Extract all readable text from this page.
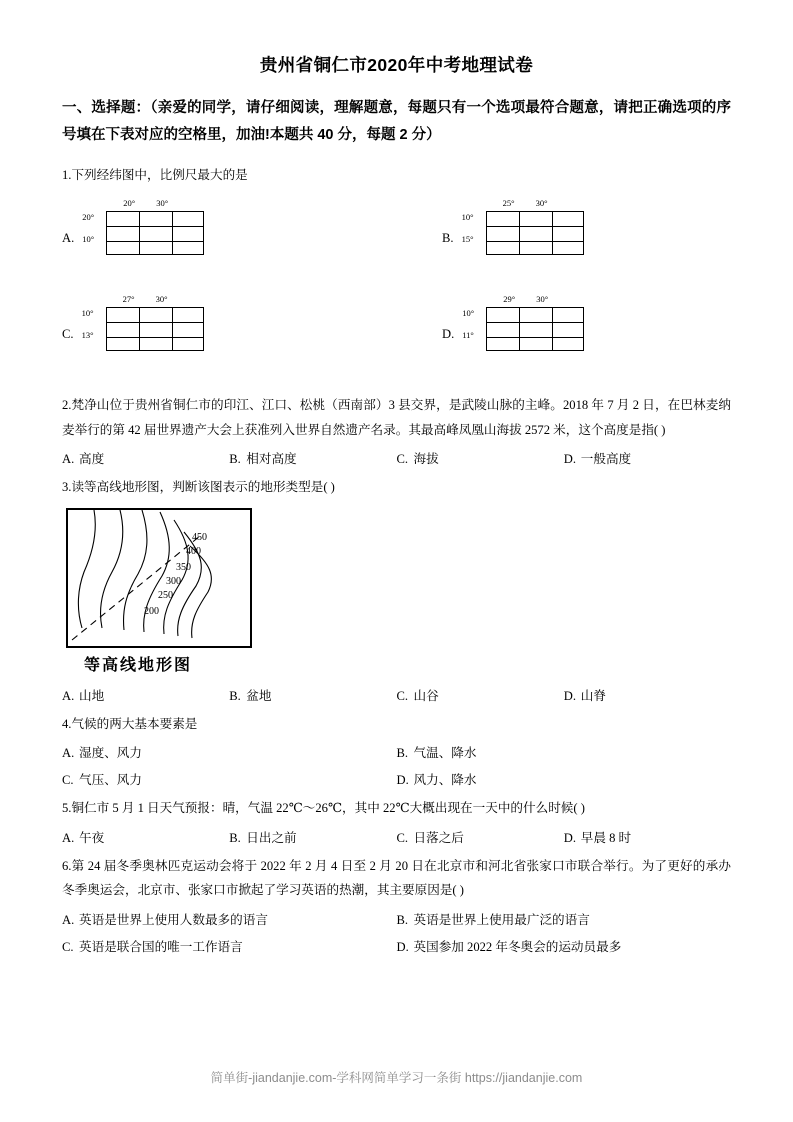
贵州省铜仁市2020年中考地理试卷
一、选择题：（亲爱的同学，请仔细阅读，理解题意，每题只有一个选项最符合题意，请把正确选项的序号填在下表对应的空格里，加油!本题共 40 分，每题 2 分）
1.下列经纬图中，比例尺最大的是
A.
20° 30°
20°
10°	B.
25° 30°
10°
15°
C.
27° 30°
10°
13°	D.
29° 30°
10°
11°
2.梵净山位于贵州省铜仁市的印江、江口、松桃（西南部）3 县交界，是武陵山脉的主峰。2018 年 7 月 2 日，在巴林麦纳麦举行的第 42 届世界遗产大会上获准列入世界自然遗产名录。其最高峰凤凰山海拔 2572 米，这个高度是指( )
A. 高度	B. 相对高度	C. 海拔	D. 一般高度
3.读等高线地形图，判断该图表示的地形类型是( )
450
400
350
300
250
200
等高线地形图
A. 山地	B. 盆地	C. 山谷	D. 山脊
4.气候的两大基本要素是
A. 湿度、风力	B. 气温、降水
C. 气压、风力	D. 风力、降水
5.铜仁市 5 月 1 日天气预报：晴，气温 22℃～26℃，其中 22℃大概出现在一天中的什么时候( )
A. 午夜	B. 日出之前	C. 日落之后	D. 早晨 8 时
6.第 24 届冬季奥林匹克运动会将于 2022 年 2 月 4 日至 2 月 20 日在北京市和河北省张家口市联合举行。为了更好的承办冬季奥运会，北京市、张家口市掀起了学习英语的热潮，其主要原因是( )
A. 英语是世界上使用人数最多的语言	B. 英语是世界上使用最广泛的语言
C. 英语是联合国的唯一工作语言	D. 英国参加 2022 年冬奥会的运动员最多
简单街-jiandanjie.com-学科网简单学习一条街 https://jiandanjie.com
